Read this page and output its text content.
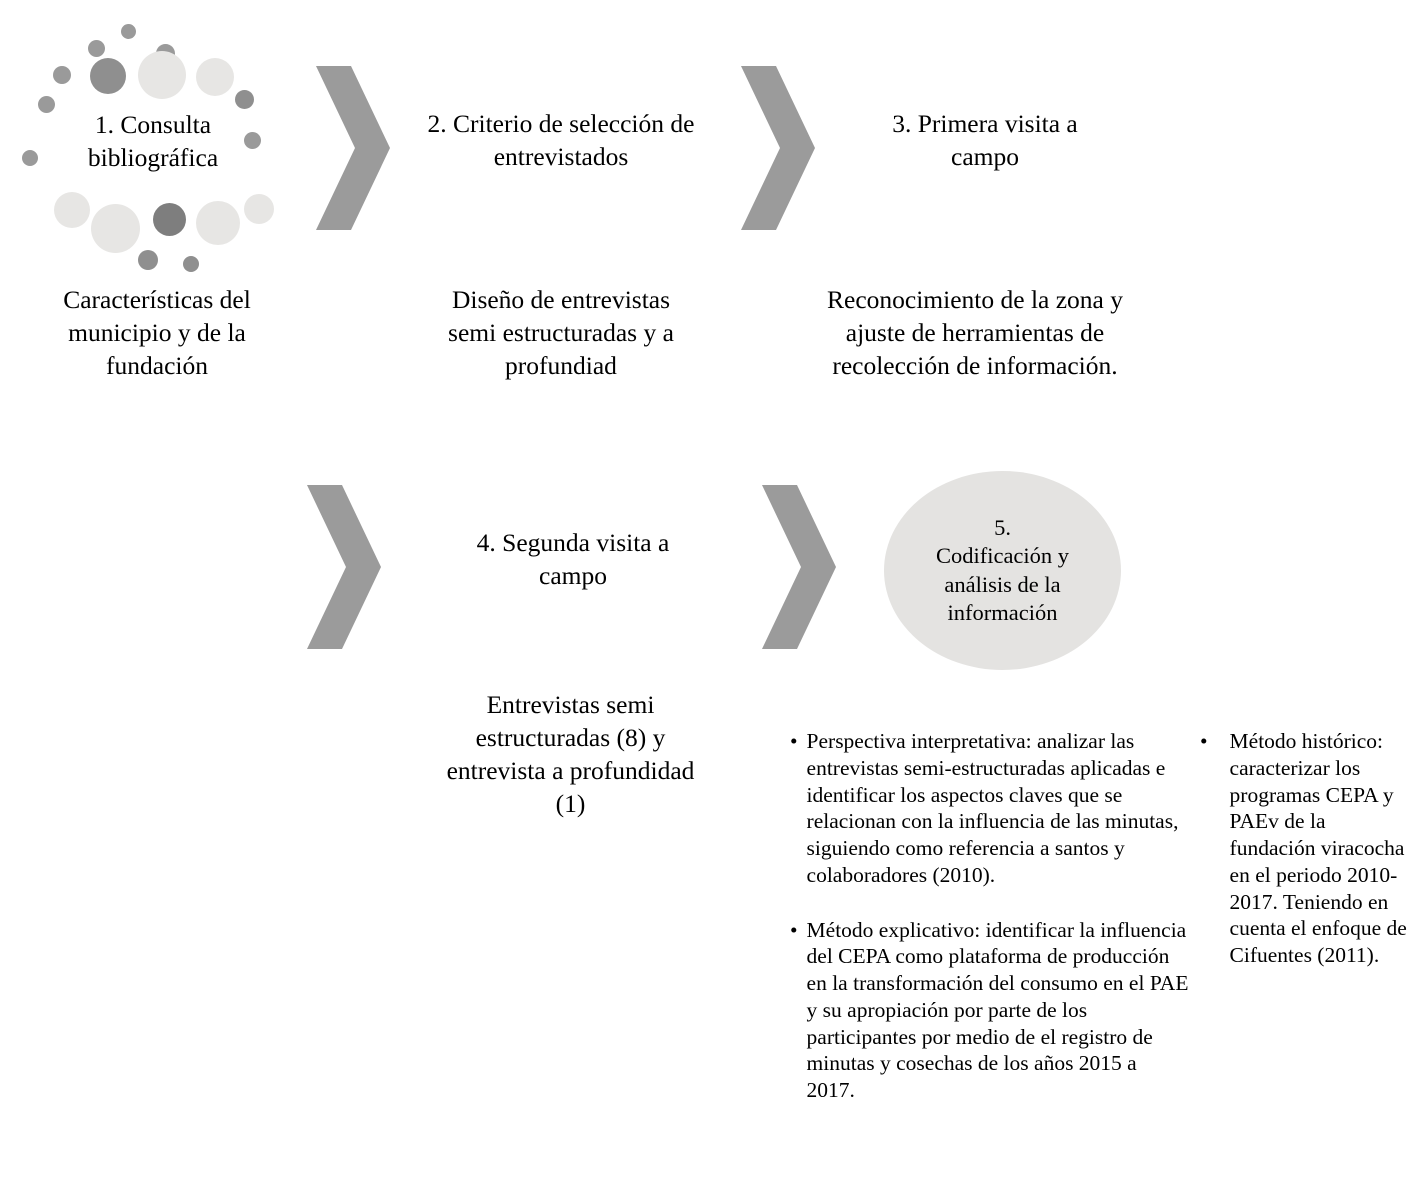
1. Consulta
bibliográfica
2. Criterio de selección de
entrevistados
3. Primera visita a
campo
Características del
municipio y de la
fundación
Diseño de entrevistas
semi estructuradas y a
profundiad
Reconocimiento de la zona y
ajuste de herramientas de
recolección de información.
4. Segunda visita a
campo
5.
Codificación y
análisis de la
información
Entrevistas semi
estructuradas (8) y
entrevista a profundidad
(1)
• Perspectiva interpretativa: analizar las entrevistas semi-estructuradas aplicadas e identificar los aspectos claves que se relacionan con la influencia de las minutas, siguiendo como referencia a santos y colaboradores (2010).
• Método explicativo: identificar la influencia del CEPA como plataforma de producción en la transformación del consumo en el PAE y su apropiación por parte de los participantes por medio de el registro de minutas y cosechas de los años 2015 a 2017.
• Método histórico: caracterizar los programas CEPA y PAEv de la fundación viracocha en el periodo 2010-2017. Teniendo en cuenta el enfoque de Cifuentes (2011).
